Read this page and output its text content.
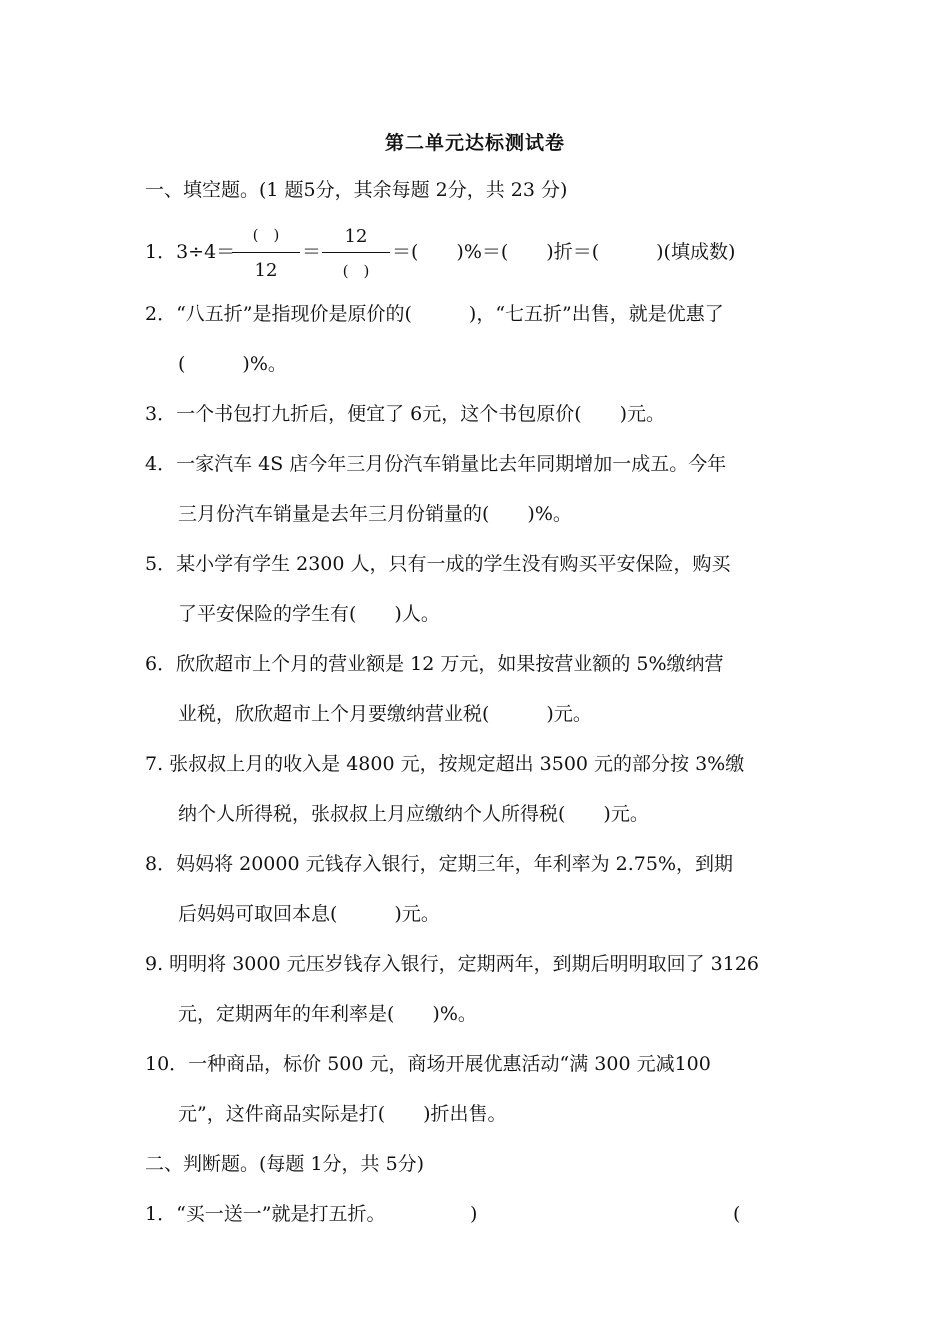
第二单元达标测试卷
一、填空题。(1 题5分，其余每题 2分，共 23 分)
1．3÷4＝
(　)
12
＝
12
(　)
＝(　　)%＝(　　)折＝(　　　)(填成数)
2．“八五折”是指现价是原价的(　　　)，“七五折”出售，就是优惠了
(　　　)%。
3．一个书包打九折后，便宜了 6元，这个书包原价(　　)元。
4．一家汽车 4S 店今年三月份汽车销量比去年同期增加一成五。今年
三月份汽车销量是去年三月份销量的(　　)%。
5．某小学有学生 2300 人，只有一成的学生没有购买平安保险，购买
了平安保险的学生有(　　)人。
6．欣欣超市上个月的营业额是 12 万元，如果按营业额的 5%缴纳营
业税，欣欣超市上个月要缴纳营业税(　　　)元。
7. 张叔叔上月的收入是 4800 元，按规定超出 3500 元的部分按 3%缴
纳个人所得税，张叔叔上月应缴纳个人所得税(　　)元。
8．妈妈将 20000 元钱存入银行，定期三年，年利率为 2.75%，到期
后妈妈可取回本息(　　　)元。
9. 明明将 3000 元压岁钱存入银行，定期两年，到期后明明取回了 3126
元，定期两年的年利率是(　　)%。
10．一种商品，标价 500 元，商场开展优惠活动“满 300 元减100
元”，这件商品实际是打(　　)折出售。
二、判断题。(每题 1分，共 5分)
1．“买一送一”就是打五折。	)	(
